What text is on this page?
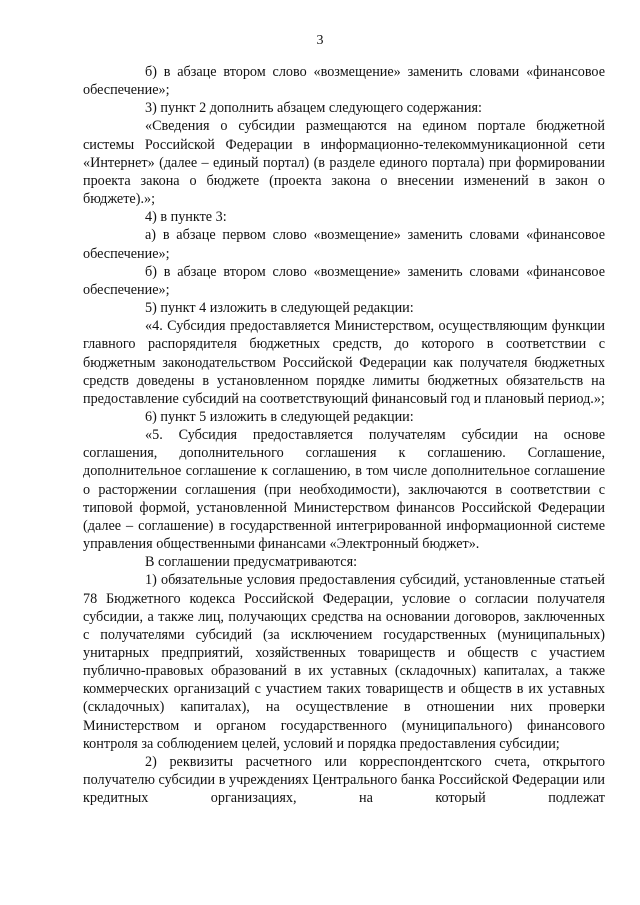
3

б) в абзаце втором слово «возмещение» заменить словами «финансовое обеспечение»;

3) пункт 2 дополнить абзацем следующего содержания:

«Сведения о субсидии размещаются на едином портале бюджетной системы Российской Федерации в информационно-телекоммуникационной сети «Интернет» (далее – единый портал) (в разделе единого портала) при формировании проекта закона о бюджете (проекта закона о внесении изменений в закон о бюджете).»;

4) в пункте 3:

а) в абзаце первом слово «возмещение» заменить словами «финансовое обеспечение»;

б) в абзаце втором слово «возмещение» заменить словами «финансовое обеспечение»;

5) пункт 4 изложить в следующей редакции:

«4. Субсидия предоставляется Министерством, осуществляющим функции главного распорядителя бюджетных средств, до которого в соответствии с бюджетным законодательством Российской Федерации как получателя бюджетных средств доведены в установленном порядке лимиты бюджетных обязательств на предоставление субсидий на соответствующий финансовый год и плановый период.»;

6) пункт 5 изложить в следующей редакции:

«5. Субсидия предоставляется получателям субсидии на основе соглашения, дополнительного соглашения к соглашению. Соглашение, дополнительное соглашение к соглашению, в том числе дополнительное соглашение о расторжении соглашения (при необходимости), заключаются в соответствии с типовой формой, установленной Министерством финансов Российской Федерации (далее – соглашение) в государственной интегрированной информационной системе управления общественными финансами «Электронный бюджет».

В соглашении предусматриваются:

1) обязательные условия предоставления субсидий, установленные статьей 78 Бюджетного кодекса Российской Федерации, условие о согласии получателя субсидии, а также лиц, получающих средства на основании договоров, заключенных с получателями субсидий (за исключением государственных (муниципальных) унитарных предприятий, хозяйственных товариществ и обществ с участием публично-правовых образований в их уставных (складочных) капиталах, а также коммерческих организаций с участием таких товариществ и обществ в их уставных (складочных) капиталах), на осуществление в отношении них проверки Министерством и органом государственного (муниципального) финансового контроля за соблюдением целей, условий и порядка предоставления субсидии;

2) реквизиты расчетного или корреспондентского счета, открытого получателю субсидии в учреждениях Центрального банка Российской Федерации или кредитных организациях, на который подлежат
